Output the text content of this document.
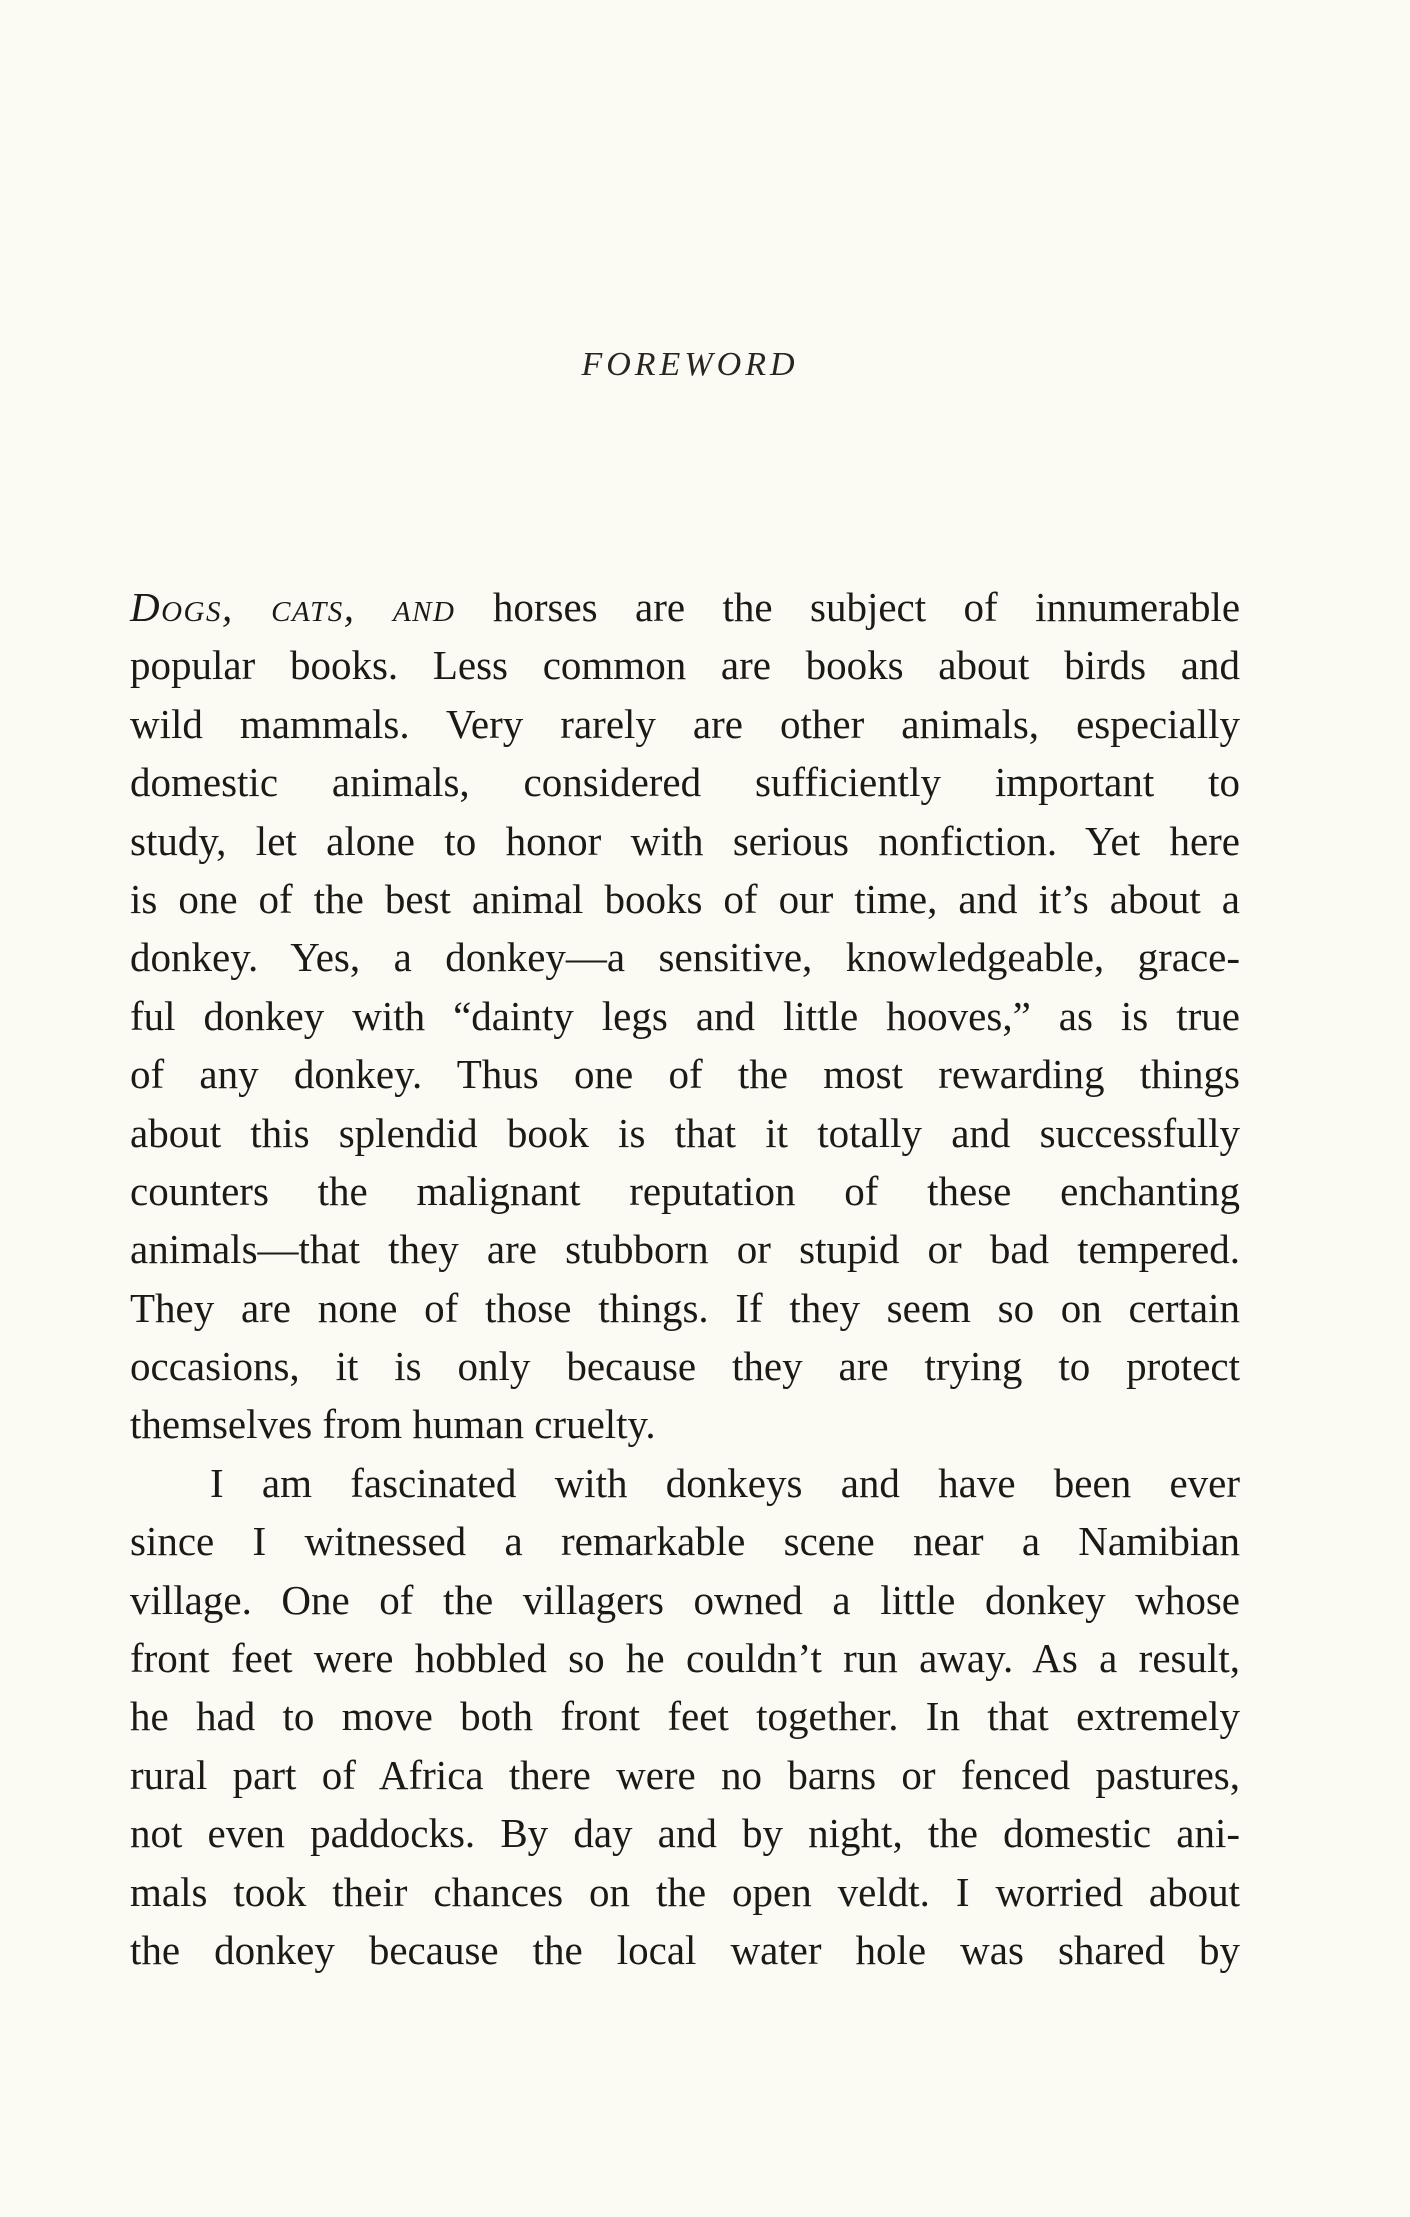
FOREWORD
Dogs, cats, and horses are the subject of innumerable
popular books. Less common are books about birds and
wild mammals. Very rarely are other animals, especially
domestic animals, considered sufficiently important to
study, let alone to honor with serious nonfiction. Yet here
is one of the best animal books of our time, and it’s about a
donkey. Yes, a donkey—a sensitive, knowledgeable, grace-
ful donkey with “dainty legs and little hooves,” as is true
of any donkey. Thus one of the most rewarding things
about this splendid book is that it totally and successfully
counters the malignant reputation of these enchanting
animals—that they are stubborn or stupid or bad tempered.
They are none of those things. If they seem so on certain
occasions, it is only because they are trying to protect
themselves from human cruelty.
I am fascinated with donkeys and have been ever
since I witnessed a remarkable scene near a Namibian
village. One of the villagers owned a little donkey whose
front feet were hobbled so he couldn’t run away. As a result,
he had to move both front feet together. In that extremely
rural part of Africa there were no barns or fenced pastures,
not even paddocks. By day and by night, the domestic ani-
mals took their chances on the open veldt. I worried about
the donkey because the local water hole was shared by
